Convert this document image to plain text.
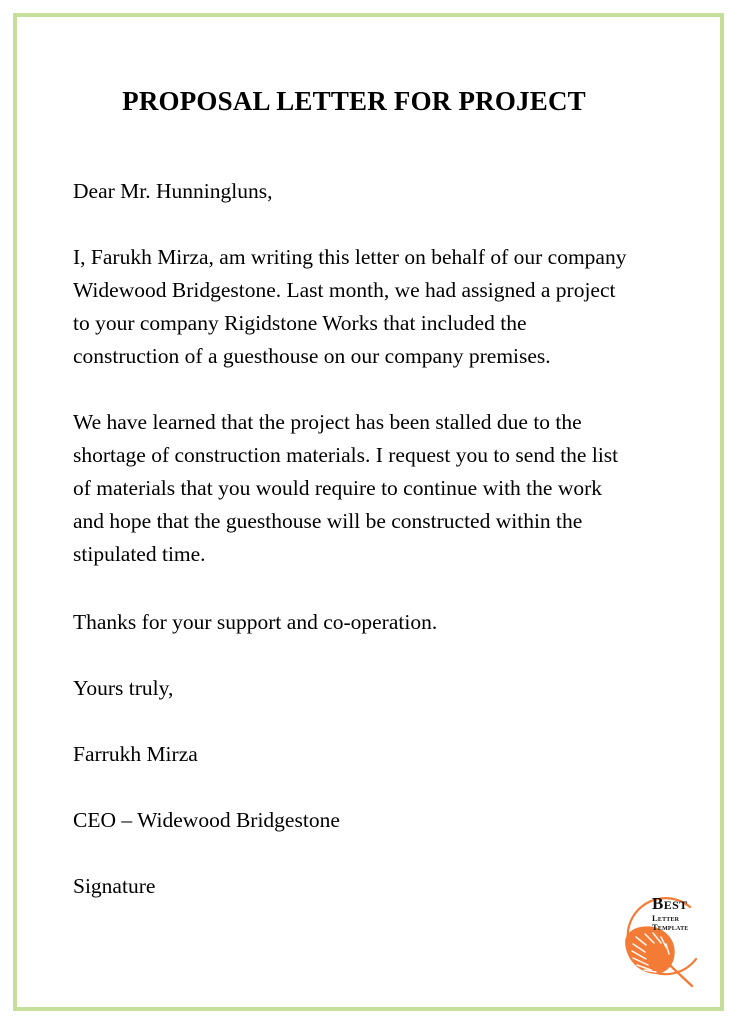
PROPOSAL LETTER FOR PROJECT

Dear Mr. Hunningluns,

I, Farukh Mirza, am writing this letter on behalf of our company Widewood Bridgestone. Last month, we had assigned a project to your company Rigidstone Works that included the construction of a guesthouse on our company premises.

We have learned that the project has been stalled due to the shortage of construction materials. I request you to send the list of materials that you would require to continue with the work and hope that the guesthouse will be constructed within the stipulated time.

Thanks for your support and co-operation.

Yours truly,

Farrukh Mirza

CEO – Widewood Bridgestone

Signature

Best
Letter Template
